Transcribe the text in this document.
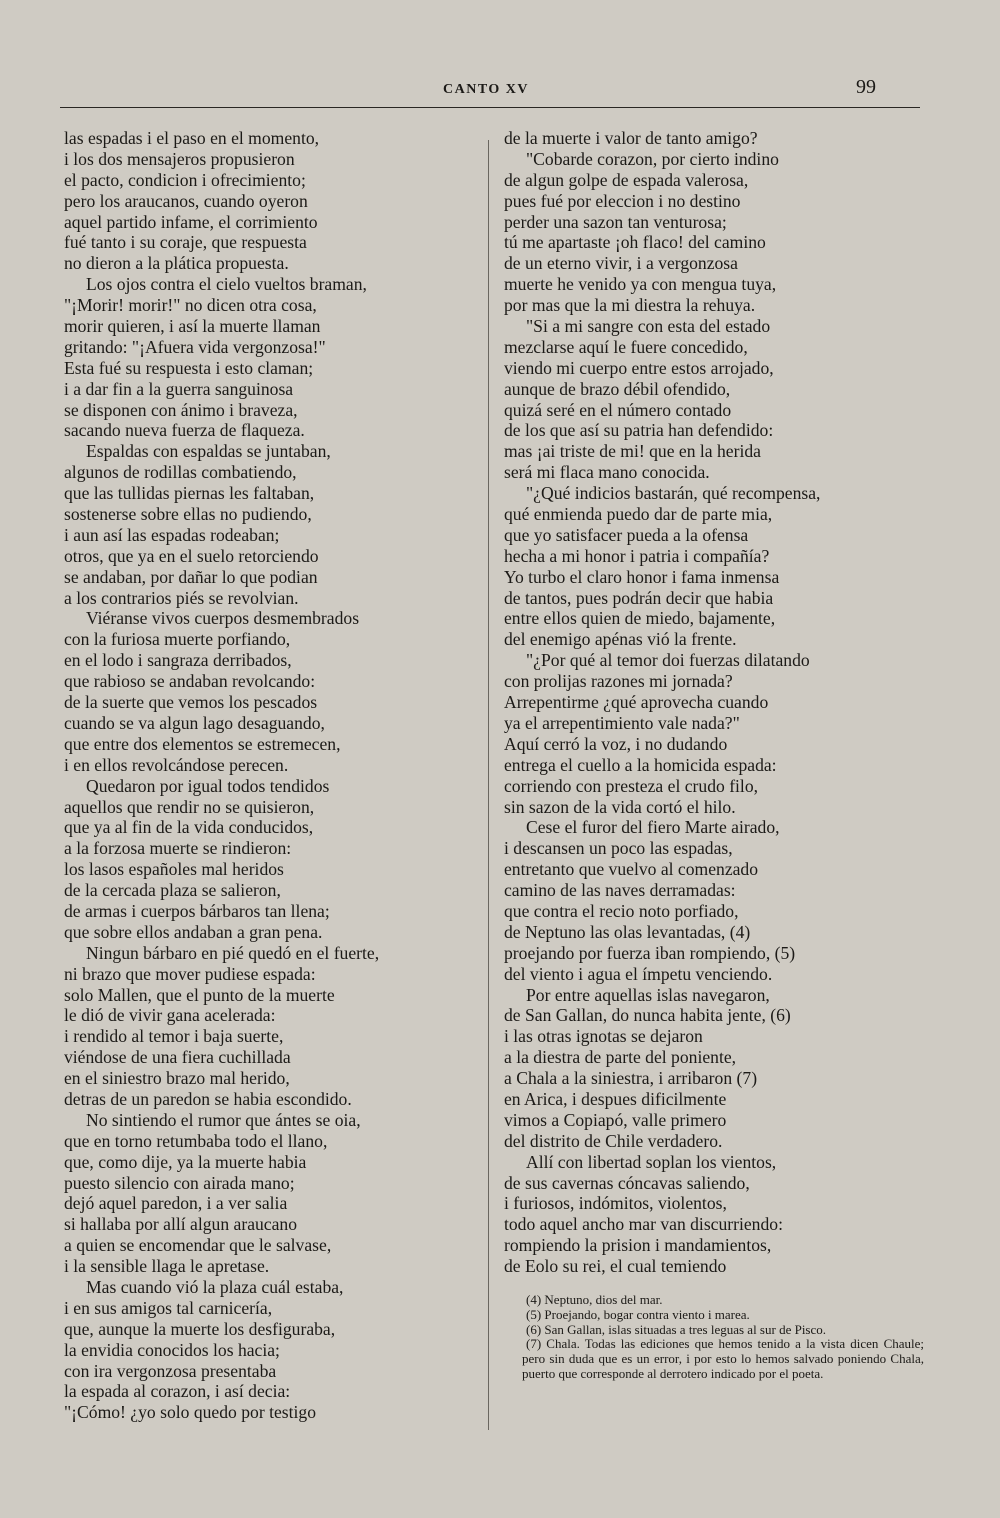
CANTO XV	99
las espadas i el paso en el momento,
i los dos mensajeros propusieron
el pacto, condicion i ofrecimiento;
pero los araucanos, cuando oyeron
aquel partido infame, el corrimiento
fué tanto i su coraje, que respuesta
no dieron a la plática propuesta.
Los ojos contra el cielo vueltos braman,
"¡Morir! morir!" no dicen otra cosa,
morir quieren, i así la muerte llaman
gritando: "¡Afuera vida vergonzosa!"
Esta fué su respuesta i esto claman;
i a dar fin a la guerra sanguinosa
se disponen con ánimo i braveza,
sacando nueva fuerza de flaqueza.
Espaldas con espaldas se juntaban,
algunos de rodillas combatiendo,
que las tullidas piernas les faltaban,
sostenerse sobre ellas no pudiendo,
i aun así las espadas rodeaban;
otros, que ya en el suelo retorciendo
se andaban, por dañar lo que podian
a los contrarios piés se revolvian.
Viéranse vivos cuerpos desmembrados
con la furiosa muerte porfiando,
en el lodo i sangraza derribados,
que rabioso se andaban revolcando:
de la suerte que vemos los pescados
cuando se va algun lago desaguando,
que entre dos elementos se estremecen,
i en ellos revolcándose perecen.
Quedaron por igual todos tendidos
aquellos que rendir no se quisieron,
que ya al fin de la vida conducidos,
a la forzosa muerte se rindieron:
los lasos españoles mal heridos
de la cercada plaza se salieron,
de armas i cuerpos bárbaros tan llena;
que sobre ellos andaban a gran pena.
Ningun bárbaro en pié quedó en el fuerte,
ni brazo que mover pudiese espada:
solo Mallen, que el punto de la muerte
le dió de vivir gana acelerada:
i rendido al temor i baja suerte,
viéndose de una fiera cuchillada
en el siniestro brazo mal herido,
detras de un paredon se habia escondido.
No sintiendo el rumor que ántes se oia,
que en torno retumbaba todo el llano,
que, como dije, ya la muerte habia
puesto silencio con airada mano;
dejó aquel paredon, i a ver salia
si hallaba por allí algun araucano
a quien se encomendar que le salvase,
i la sensible llaga le apretase.
Mas cuando vió la plaza cuál estaba,
i en sus amigos tal carnicería,
que, aunque la muerte los desfiguraba,
la envidia conocidos los hacia;
con ira vergonzosa presentaba
la espada al corazon, i así decia:
"¡Cómo! ¿yo solo quedo por testigo
de la muerte i valor de tanto amigo?
"Cobarde corazon, por cierto indino
de algun golpe de espada valerosa,
pues fué por eleccion i no destino
perder una sazon tan venturosa;
tú me apartaste ¡oh flaco! del camino
de un eterno vivir, i a vergonzosa
muerte he venido ya con mengua tuya,
por mas que la mi diestra la rehuya.
"Si a mi sangre con esta del estado
mezclarse aquí le fuere concedido,
viendo mi cuerpo entre estos arrojado,
aunque de brazo débil ofendido,
quizá seré en el número contado
de los que así su patria han defendido:
mas ¡ai triste de mi! que en la herida
será mi flaca mano conocida.
"¿Qué indicios bastarán, qué recompensa,
qué enmienda puedo dar de parte mia,
que yo satisfacer pueda a la ofensa
hecha a mi honor i patria i compañía?
Yo turbo el claro honor i fama inmensa
de tantos, pues podrán decir que habia
entre ellos quien de miedo, bajamente,
del enemigo apénas vió la frente.
"¿Por qué al temor doi fuerzas dilatando
con prolijas razones mi jornada?
Arrepentirme ¿qué aprovecha cuando
ya el arrepentimiento vale nada?"
Aquí cerró la voz, i no dudando
entrega el cuello a la homicida espada:
corriendo con presteza el crudo filo,
sin sazon de la vida cortó el hilo.
Cese el furor del fiero Marte airado,
i descansen un poco las espadas,
entretanto que vuelvo al comenzado
camino de las naves derramadas:
que contra el recio noto porfiado,
de Neptuno las olas levantadas, (4)
proejando por fuerza iban rompiendo, (5)
del viento i agua el ímpetu venciendo.
Por entre aquellas islas navegaron,
de San Gallan, do nunca habita jente, (6)
i las otras ignotas se dejaron
a la diestra de parte del poniente,
a Chala a la siniestra, i arribaron (7)
en Arica, i despues dificilmente
vimos a Copiapó, valle primero
del distrito de Chile verdadero.
Allí con libertad soplan los vientos,
de sus cavernas cóncavas saliendo,
i furiosos, indómitos, violentos,
todo aquel ancho mar van discurriendo:
rompiendo la prision i mandamientos,
de Eolo su rei, el cual temiendo
(4) Neptuno, dios del mar.
(5) Proejando, bogar contra viento i marea.
(6) San Gallan, islas situadas a tres leguas al sur de Pisco.
(7) Chala. Todas las ediciones que hemos tenido a la vista dicen Chaule; pero sin duda que es un error, i por esto lo hemos salvado poniendo Chala, puerto que corresponde al derrotero indicado por el poeta.
